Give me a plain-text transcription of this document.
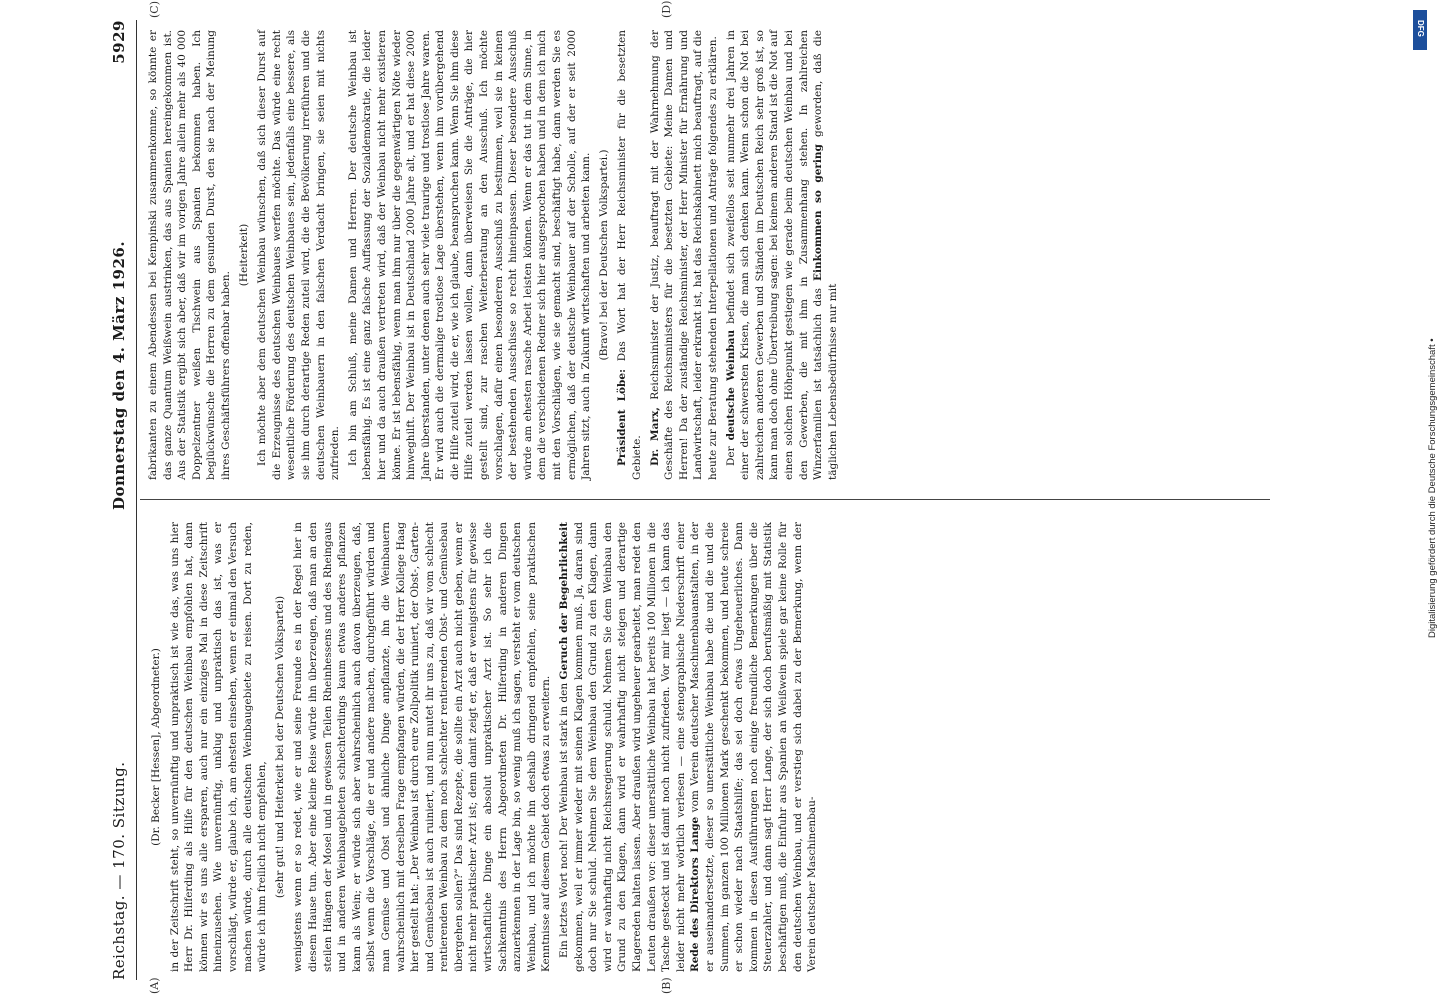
Reichstag. — 170. Sitzung.
Donnerstag den 4. März 1926.
5929
(A)	(B)
(C)	(D)

(Dr. Becker [Hessen], Abgeordneter.) in der Zeitschrift steht, so unvernünftig und unpraktisch ist wie das, was uns hier Herr Dr. Hilferding als Hilfe für den deutschen Weinbau empfohlen hat, dann können wir es uns alle ersparen, auch nur ein einziges Mal in diese Zeitschrift hineinzusehen. Wie unvernünftig, unklug und unpraktisch das ist, was er vorschlägt, würde er, glaube ich, am ehesten einsehen, wenn er einmal den Versuch machen würde, durch alle deutschen Weinbaugebiete zu reisen. Dort zu reden, würde ich ihm freilich nicht empfehlen, (sehr gut! und Heiterkeit bei der Deutschen Volkspartei) wenigstens wenn er so redet, wie er und seine Freunde es in der Regel hier in diesem Hause tun. Aber eine kleine Reise würde ihn überzeugen, daß man an den steilen Hängen der Mosel und in gewissen Teilen Rheinhessens und des Rheingaus und in anderen Weinbaugebieten schlechterdings kaum etwas anderes pflanzen kann als Wein; er würde sich aber wahrscheinlich auch davon überzeugen, daß, selbst wenn die Vorschläge, die er und andere machen, durchgeführt würden und man Gemüse und Obst und ähnliche Dinge anpflanzte, ihn die Weinbauern wahrscheinlich mit derselben Frage empfangen würden, die der Herr Kollege Haag hier gestellt hat: „Der Weinbau ist durch eure Zollpolitik ruiniert, der Obst-, Garten- und Gemüsebau ist auch ruiniert, und nun mutet ihr uns zu, daß wir vom schlecht rentierenden Weinbau zu dem noch schlechter rentierenden Obst- und Gemüsebau übergehen sollen?“ Das sind Rezepte, die sollte ein Arzt auch nicht geben, wenn er nicht mehr praktischer Arzt ist; denn damit zeigt er, daß er wenigstens für gewisse wirtschaftliche Dinge ein absolut unpraktischer Arzt ist. So sehr ich die Sachkenntnis des Herrn Abgeordneten Dr. Hilferding in anderen Dingen anzuerkennen in der Lage bin, so wenig muß ich sagen, versteht er vom deutschen Weinbau, und ich möchte ihn deshalb dringend empfehlen, seine praktischen Kenntnisse auf diesem Gebiet doch etwas zu erweitern. Ein letztes Wort noch! Der Weinbau ist stark in den Geruch der Begehrlichkeit gekommen, weil er immer wieder mit seinen Klagen kommen muß. Ja, daran sind doch nur Sie schuld. Nehmen Sie dem Weinbau den Grund zu den Klagen, dann wird er wahrhaftig nicht Reichsregierung schuld. Nehmen Sie dem Weinbau den Grund zu den Klagen, dann wird er wahrhaftig nicht steigen und derartige Klagereden halten lassen. Aber draußen wird ungeheuer gearbeitet, man redet den Leuten draußen vor: dieser unersättliche Weinbau hat bereits 100 Millionen in die Tasche gesteckt und ist damit noch nicht zufrieden. Vor mir liegt — ich kann das leider nicht mehr wörtlich verlesen — eine stenographische Niederschrift einer Rede des Direktors Lange vom Verein deutscher Maschinenbauanstalten, in der er auseinandersetzte, dieser so unersättliche Weinbau habe die und die und die Summen, im ganzen 100 Millionen Mark geschenkt bekommen, und heute schreie er schon wieder nach Staatshilfe; das sei doch etwas Ungeheuerliches. Dann kommen in diesen Ausführungen noch einige freundliche Bemerkungen über die Steuerzahler, und dann sagt Herr Lange, der sich doch berufsmäßig mit Statistik beschäftigen muß, die Einfuhr aus Spanien an Weißwein spiele gar keine Rolle für den deutschen Weinbau, und er verstieg sich dabei zu der Bemerkung, wenn der Verein deutscher Maschinenbau-

fabrikanten zu einem Abendessen bei Kempinski zusammenkomme, so könnte er das ganze Quantum Weißwein austrinken, das aus Spanien hereingekommen ist. Aus der Statistik ergibt sich aber, daß wir im vorigen Jahre allein mehr als 40 000 Doppelzentner weißen Tischwein aus Spanien bekommen haben. Ich beglückwünsche die Herren zu dem gesunden Durst, den sie nach der Meinung ihres Geschäftsführers offenbar haben.

(Heiterkeit) Ich möchte aber dem deutschen Weinbau wünschen, daß sich dieser Durst auf die Erzeugnisse des deutschen Weinbaues werfen möchte. Das würde eine recht wesentliche Förderung des deutschen Weinbaues sein, jedenfalls eine bessere, als sie ihm durch derartige Reden zuteil wird, die die Bevölkerung irreführen und die deutschen Weinbauern in den falschen Verdacht bringen, sie seien mit nichts zufrieden. Ich bin am Schluß, meine Damen und Herren. Der deutsche Weinbau ist lebensfähig. Es ist eine ganz falsche Auffassung der Sozialdemokratie, die leider hier und da auch draußen vertreten wird, daß der Weinbau nicht mehr existieren könne. Er ist lebensfähig, wenn man ihm nur über die gegenwärtigen Nöte wieder hinweghilft. Der Weinbau ist in Deutschland 2000 Jahre alt, und er hat diese 2000 Jahre überstanden, unter denen auch sehr viele traurige und trostlose Jahre waren. Er wird auch die dermalige trostlose Lage überstehen, wenn ihm vorübergehend die Hilfe zuteil wird, die er, wie ich glaube, beanspruchen kann. Wenn Sie ihm diese Hilfe zuteil werden lassen wollen, dann überweisen Sie die Anträge, die hier gestellt sind, zur raschen Weiterberatung an den Ausschuß. Ich möchte vorschlagen, dafür einen besonderen Ausschuß zu bestimmen, weil sie in keinen der bestehenden Ausschüsse so recht hineinpassen. Dieser besondere Ausschuß würde am ehesten rasche Arbeit leisten können. Wenn er das tut in dem Sinne, in dem die verschiedenen Redner sich hier ausgesprochen haben und in dem ich mich mit den Vorschlägen, wie sie gemacht sind, beschäftigt habe, dann werden Sie es ermöglichen, daß der deutsche Weinbauer auf der Scholle, auf der er seit 2000 Jahren sitzt, auch in Zukunft wirtschaften und arbeiten kann. (Bravo! bei der Deutschen Volkspartei.)

Präsident Löbe: Das Wort hat der Herr Reichsminister für die besetzten Gebiete. Dr. Marx, Reichsminister der Justiz, beauftragt mit der Wahrnehmung der Geschäfte des Reichsministers für die besetzten Gebiete: Meine Damen und Herren! Da der zuständige Reichsminister, der Herr Minister für Ernährung und Landwirtschaft, leider erkrankt ist, hat das Reichskabinett mich beauftragt, auf die heute zur Beratung stehenden Interpellationen und Anträge folgendes zu erklären. Der deutsche Weinbau befindet sich zweifellos seit nunmehr drei Jahren in einer der schwersten Krisen, die man sich denken kann. Wenn schon die Not bei zahlreichen anderen Gewerben und Ständen im Deutschen Reich sehr groß ist, so kann man doch ohne Übertreibung sagen: bei keinem anderen Stand ist die Not auf einen solchen Höhepunkt gestiegen wie gerade beim deutschen Weinbau und bei den Gewerben, die mit ihm in Zusammenhang stehen. In zahlreichen Winzerfamilien ist tatsächlich das Einkommen so gering geworden, daß die täglichen Lebensbedürfnisse nur mit

DFG
Digitalisierung gefördert durch die Deutsche Forschungsgemeinschaft •
